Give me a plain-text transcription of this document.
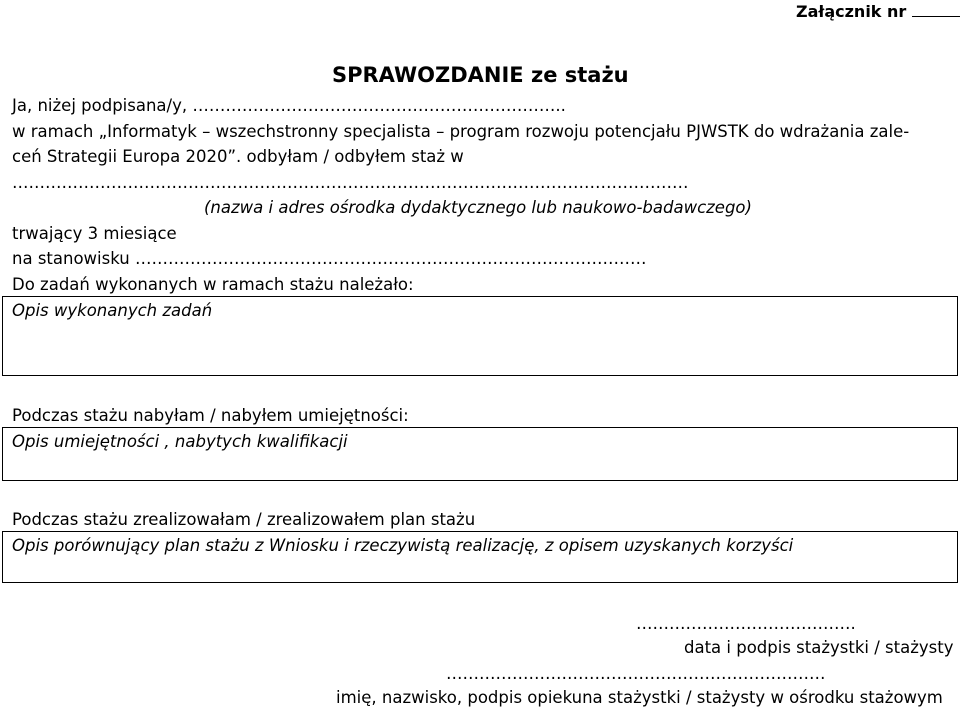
Załącznik nr
SPRAWOZDANIE ze stażu
Ja, niżej podpisana/y, …………………………………………………………..
w ramach „Informatyk – wszechstronny specjalista – program rozwoju potencjału PJWSTK do wdrażania zale-
ceń Strategii Europa 2020”. odbyłam / odbyłem staż w
……………………………………………………………………………………………………………
(nazwa i adres ośrodka dydaktycznego lub naukowo-badawczego)
trwający 3 miesiące
na stanowisku …………………………………………………………………………………
Do zadań wykonanych w ramach stażu należało:
Opis wykonanych zadań
Podczas stażu nabyłam / nabyłem umiejętności:
Opis umiejętności , nabytych kwalifikacji
Podczas stażu zrealizowałam / zrealizowałem plan stażu
Opis porównujący plan stażu z Wniosku i rzeczywistą realizację, z opisem uzyskanych korzyści
………………………………….
data i podpis stażystki / stażysty
……………………………………………………………
imię, nazwisko, podpis opiekuna stażystki / stażysty w ośrodku stażowym
